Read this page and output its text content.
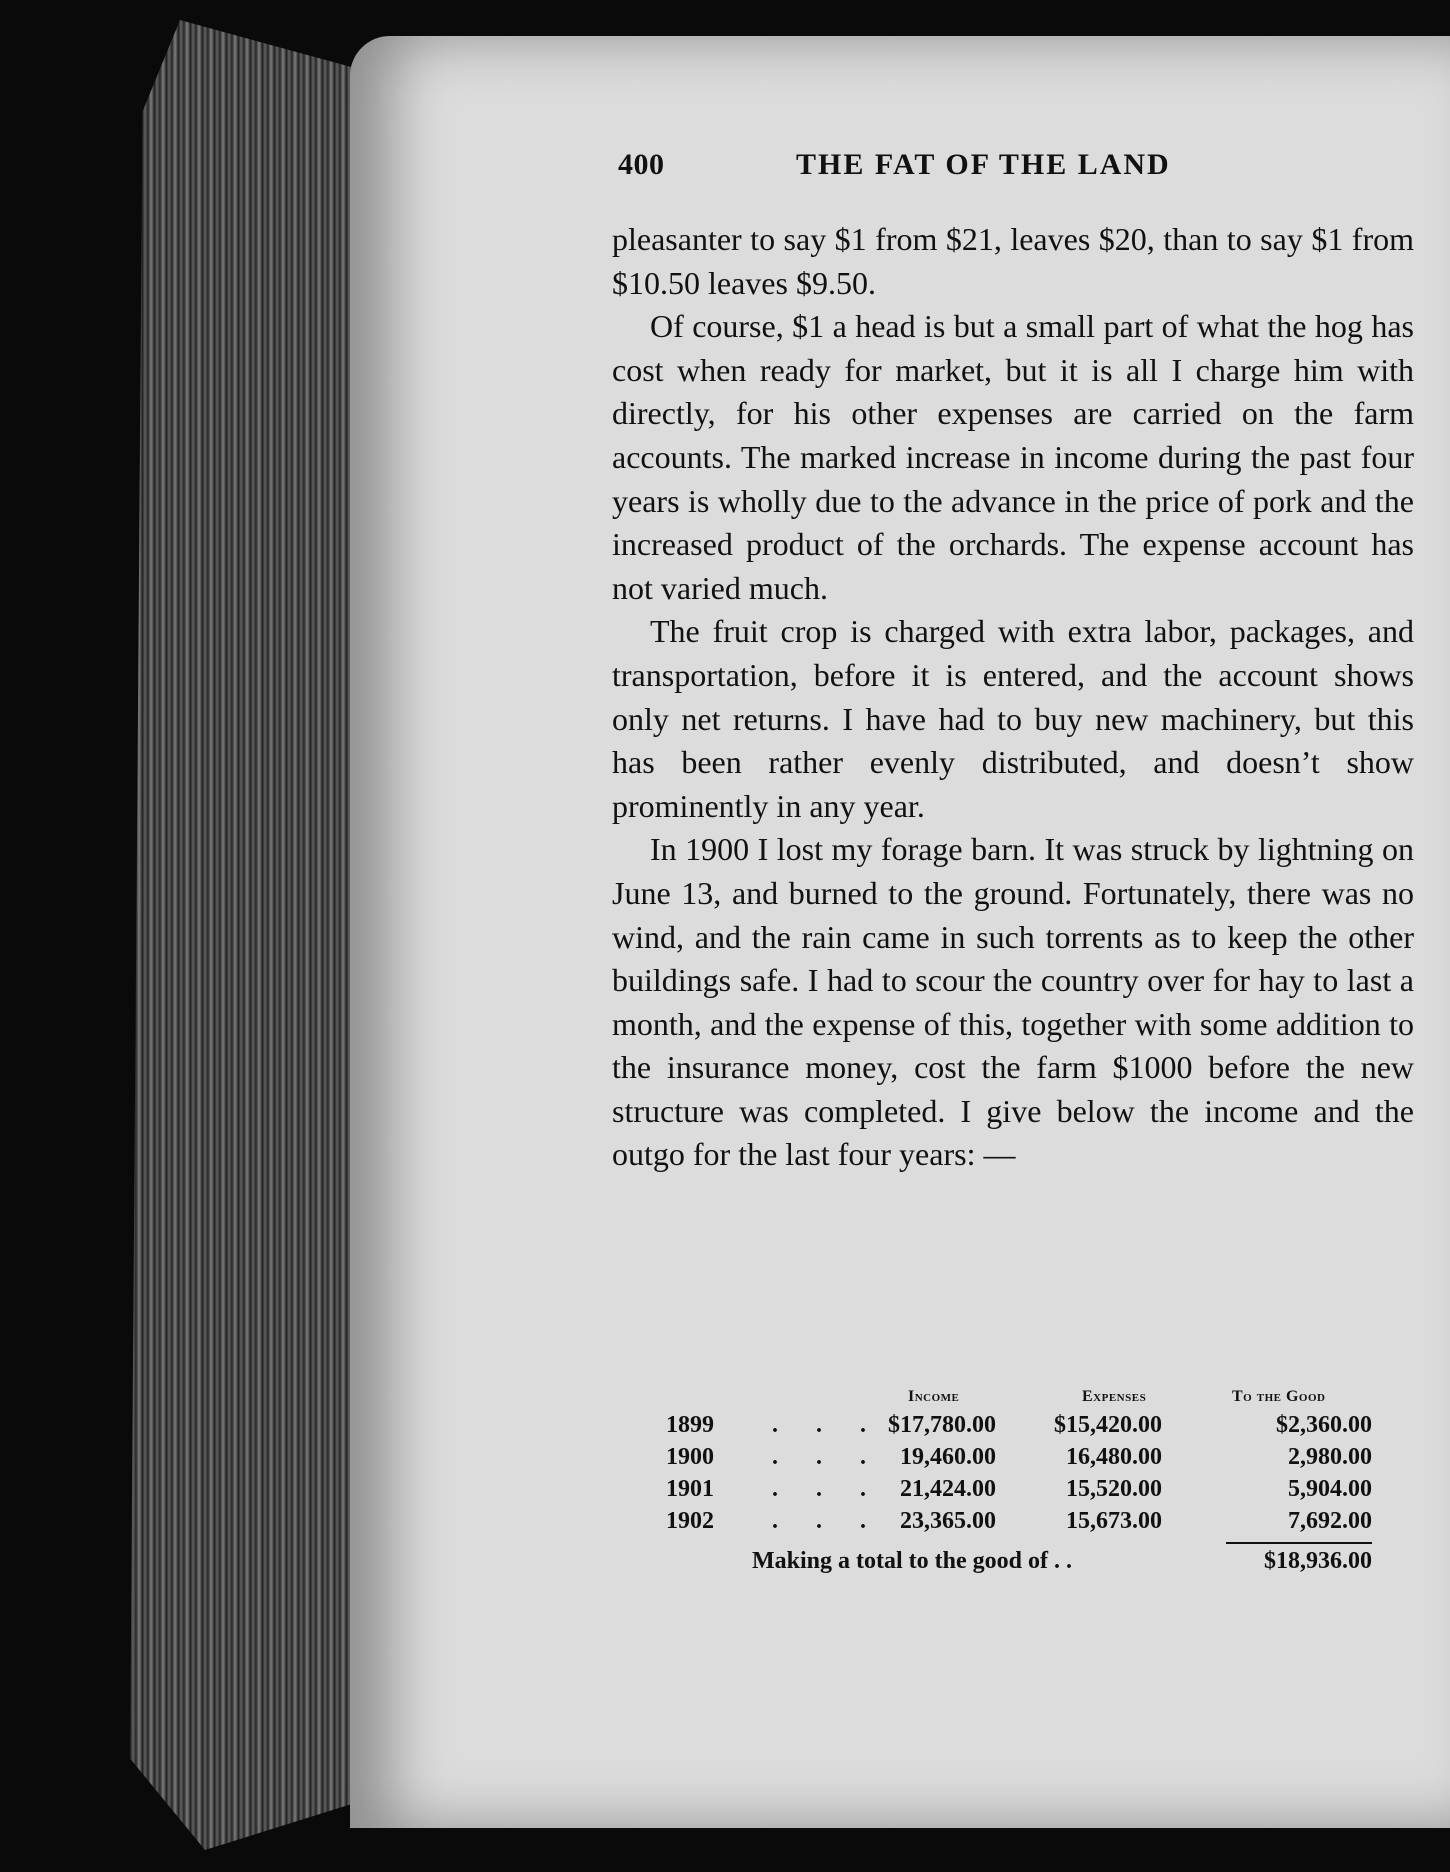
400	THE FAT OF THE LAND

pleasanter to say $1 from $21, leaves $20, than to say $1 from $10.50 leaves $9.50.

Of course, $1 a head is but a small part of what the hog has cost when ready for market, but it is all I charge him with directly, for his other expenses are carried on the farm accounts. The marked increase in income during the past four years is wholly due to the advance in the price of pork and the increased product of the orchards. The expense account has not varied much.

The fruit crop is charged with extra labor, packages, and transportation, before it is entered, and the account shows only net returns. I have had to buy new machinery, but this has been rather evenly distributed, and doesn’t show prominently in any year.

In 1900 I lost my forage barn. It was struck by lightning on June 13, and burned to the ground. Fortunately, there was no wind, and the rain came in such torrents as to keep the other buildings safe. I had to scour the country over for hay to last a month, and the expense of this, together with some addition to the insurance money, cost the farm $1000 before the new structure was completed. I give below the income and the outgo for the last four years: —

Income	Expenses	To the Good
1899 . . . $17,780.00 $15,420.00	$2,360.00
1900 . . . 19,460.00	16,480.00	2,980.00
1901 . . . 21,424.00	15,520.00	5,904.00
1902 . . . 23,365.00	15,673.00	7,692.00
Making a total to the good of . .	$18,936.00
